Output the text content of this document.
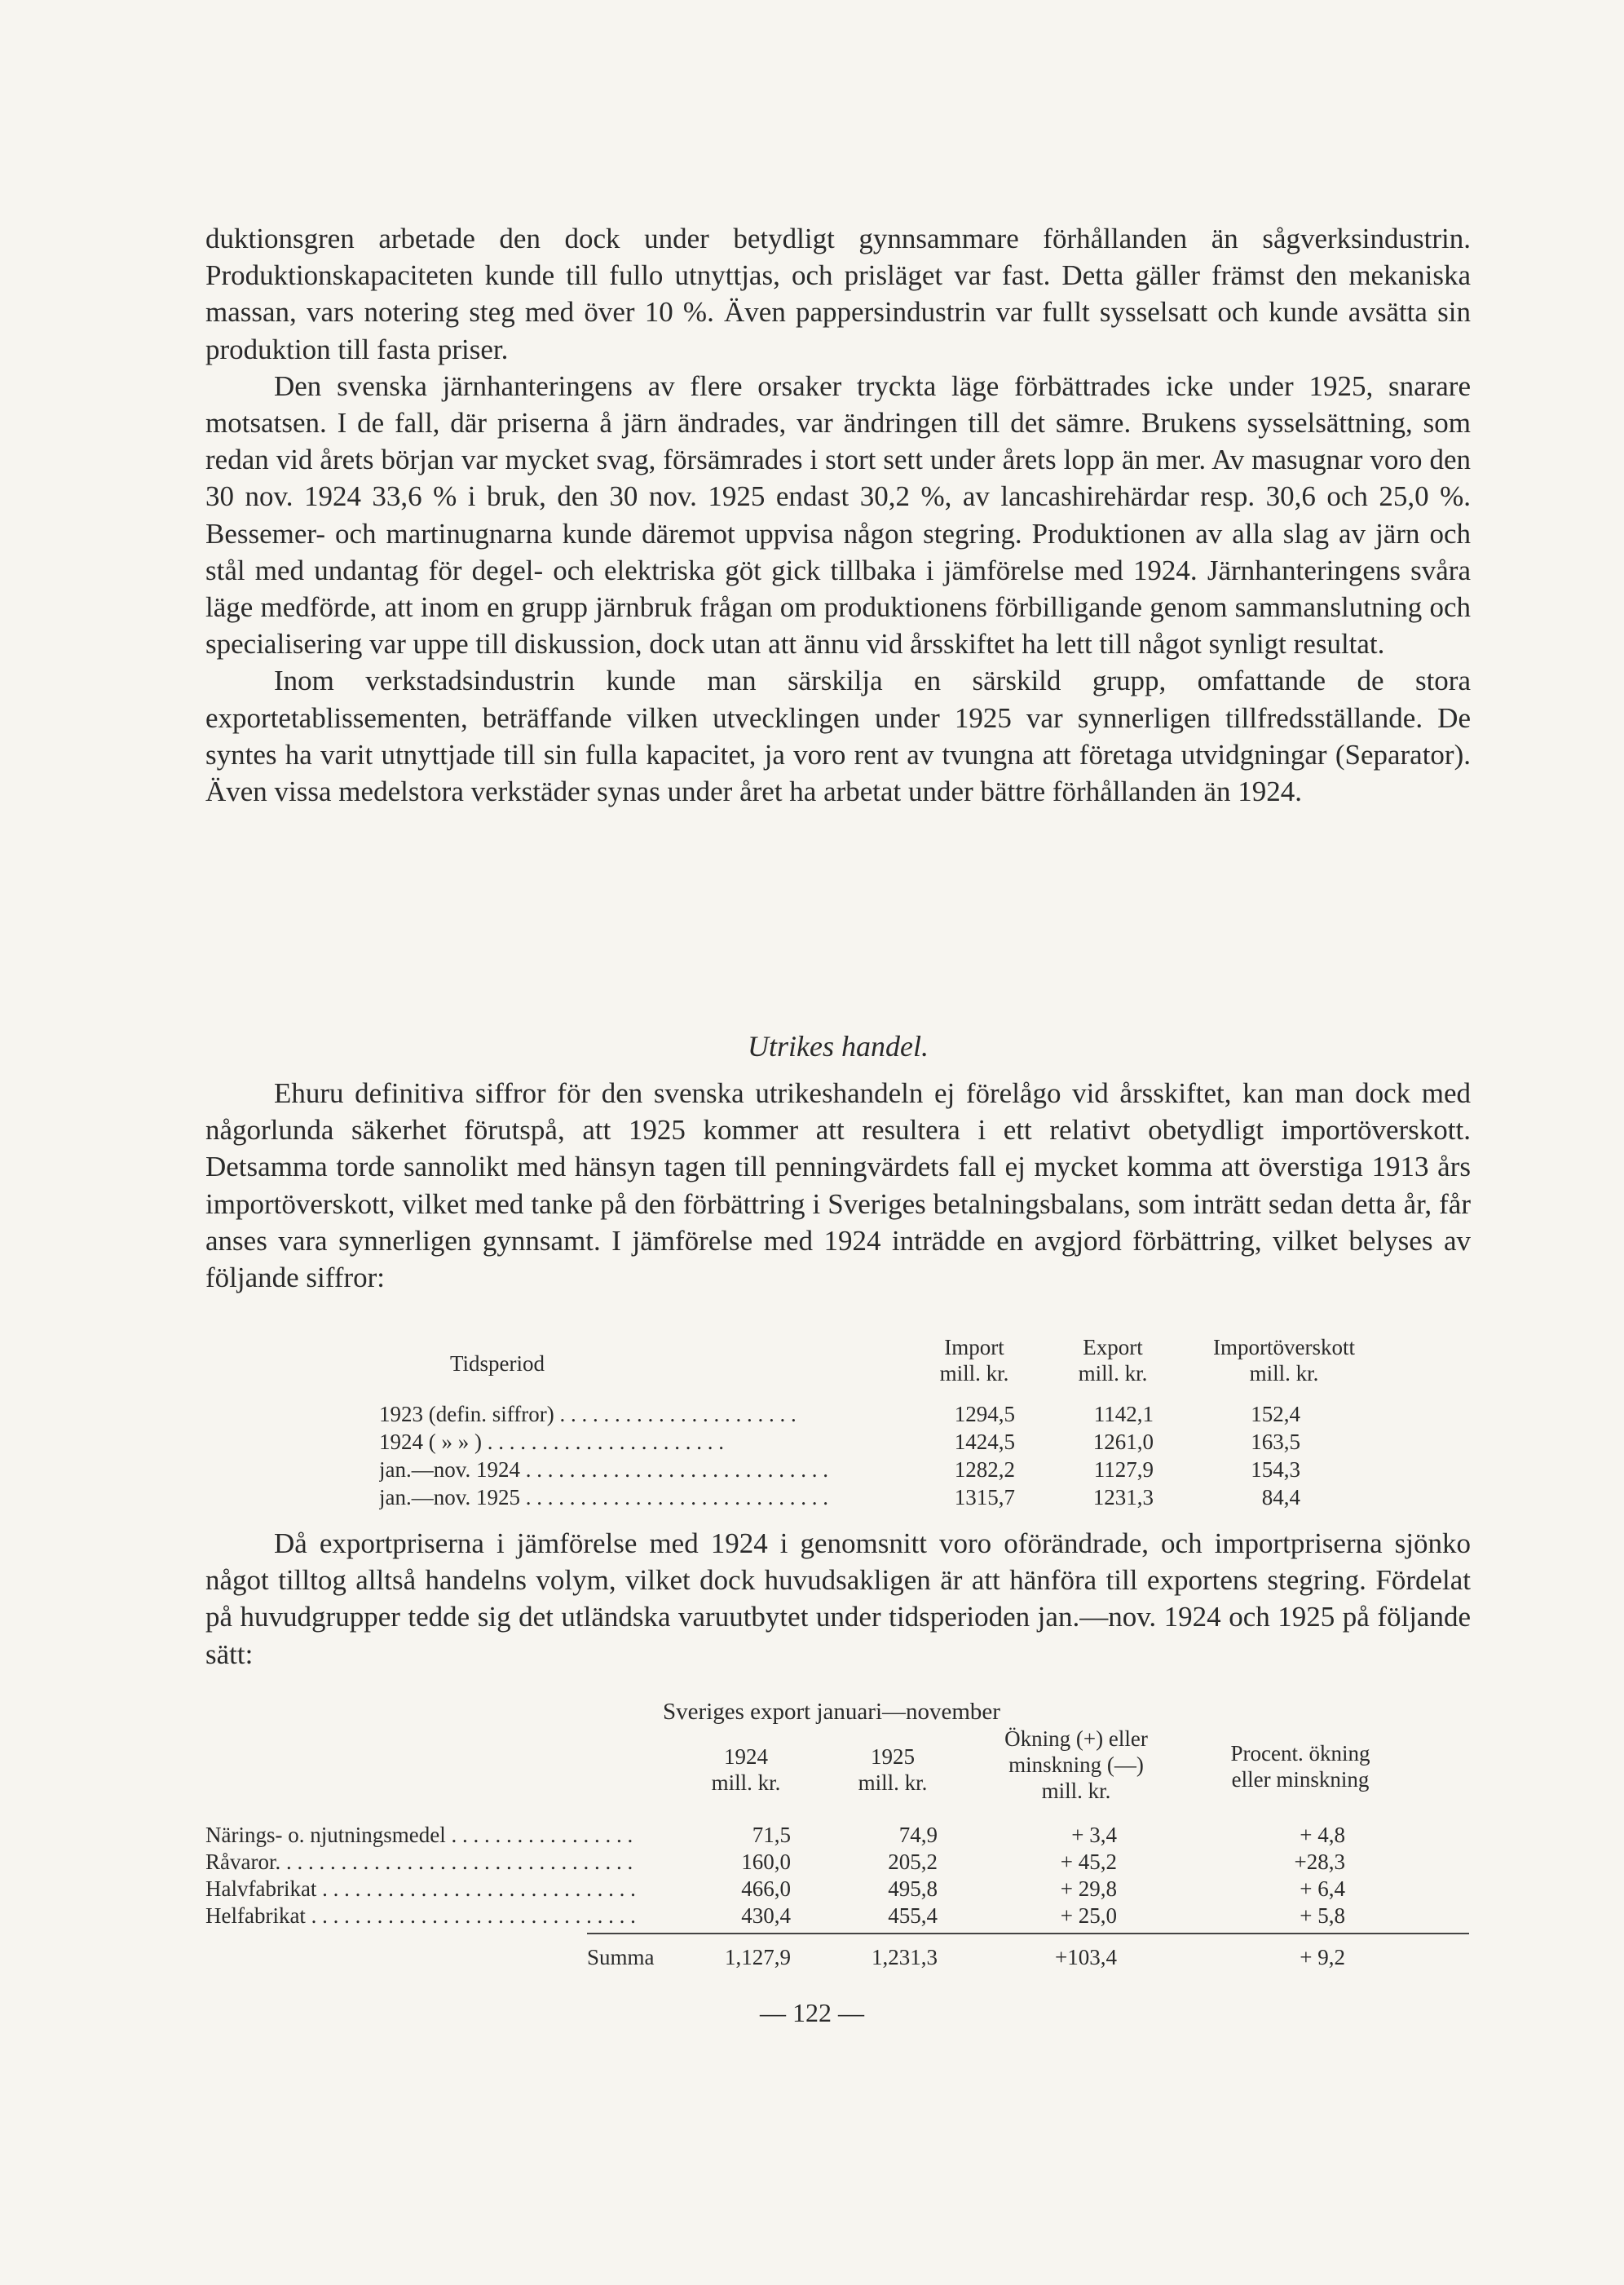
duktionsgren arbetade den dock under betydligt gynnsammare förhållanden än sågverksindustrin. Produktionskapaciteten kunde till fullo utnyttjas, och prisläget var fast. Detta gäller främst den mekaniska massan, vars notering steg med över 10 %. Även pappersindustrin var fullt sysselsatt och kunde avsätta sin produktion till fasta priser.

Den svenska järnhanteringens av flere orsaker tryckta läge förbättrades icke under 1925, snarare motsatsen. I de fall, där priserna å järn ändrades, var ändringen till det sämre. Brukens sysselsättning, som redan vid årets början var mycket svag, försämrades i stort sett under årets lopp än mer. Av masugnar voro den 30 nov. 1924 33,6 % i bruk, den 30 nov. 1925 endast 30,2 %, av lancashirehärdar resp. 30,6 och 25,0 %. Bessemer- och martinugnarna kunde däremot uppvisa någon stegring. Produktionen av alla slag av järn och stål med undantag för degel- och elektriska göt gick tillbaka i jämförelse med 1924. Järnhanteringens svåra läge medförde, att inom en grupp järnbruk frågan om produktionens förbilligande genom sammanslutning och specialisering var uppe till diskussion, dock utan att ännu vid årsskiftet ha lett till något synligt resultat.

Inom verkstadsindustrin kunde man särskilja en särskild grupp, omfattande de stora exportetablissementen, beträffande vilken utvecklingen under 1925 var synnerligen tillfredsställande. De syntes ha varit utnyttjade till sin fulla kapacitet, ja voro rent av tvungna att företaga utvidgningar (Separator). Även vissa medelstora verkstäder synas under året ha arbetat under bättre förhållanden än 1924.

Utrikes handel.

Ehuru definitiva siffror för den svenska utrikeshandeln ej förelågo vid årsskiftet, kan man dock med någorlunda säkerhet förutspå, att 1925 kommer att resultera i ett relativt obetydligt importöverskott. Detsamma torde sannolikt med hänsyn tagen till penningvärdets fall ej mycket komma att överstiga 1913 års importöverskott, vilket med tanke på den förbättring i Sveriges betalningsbalans, som inträtt sedan detta år, får anses vara synnerligen gynnsamt. I jämförelse med 1924 inträdde en avgjord förbättring, vilket belyses av följande siffror:

Tidsperiod
Import
mill. kr.
Export
mill. kr.
Importöverskott
mill. kr.
1923 (defin. siffror) . . . . . . . . . . . . . . . . . . . . . .	1294,5	1142,1	152,4
1924 ( » » ) . . . . . . . . . . . . . . . . . . . . . .	1424,5	1261,0	163,5
jan.—nov. 1924 . . . . . . . . . . . . . . . . . . . . . . . . . . . .	1282,2	1127,9	154,3
jan.—nov. 1925 . . . . . . . . . . . . . . . . . . . . . . . . . . . .	1315,7	1231,3	84,4

Då exportpriserna i jämförelse med 1924 i genomsnitt voro oförändrade, och importpriserna sjönko något tilltog alltså handelns volym, vilket dock huvudsakligen är att hänföra till exportens stegring. Fördelat på huvudgrupper tedde sig det utländska varuutbytet under tidsperioden jan.—nov. 1924 och 1925 på följande sätt:

Sveriges export januari—november
1924
mill. kr.
1925
mill. kr.
Ökning (+) eller
minskning (—)
mill. kr.
Procent. ökning
eller minskning
Närings- o. njutningsmedel . . . . . . . . . . . . . . . . .	71,5	74,9	+ 3,4	+ 4,8
Råvaror. . . . . . . . . . . . . . . . . . . . . . . . . . . . . . . . .	160,0	205,2	+ 45,2	+28,3
Halvfabrikat . . . . . . . . . . . . . . . . . . . . . . . . . . . . .	466,0	495,8	+ 29,8	+ 6,4
Helfabrikat . . . . . . . . . . . . . . . . . . . . . . . . . . . . . .	430,4	455,4	+ 25,0	+ 5,8
Summa	1,127,9	1,231,3	+103,4	+ 9,2
— 122 —
